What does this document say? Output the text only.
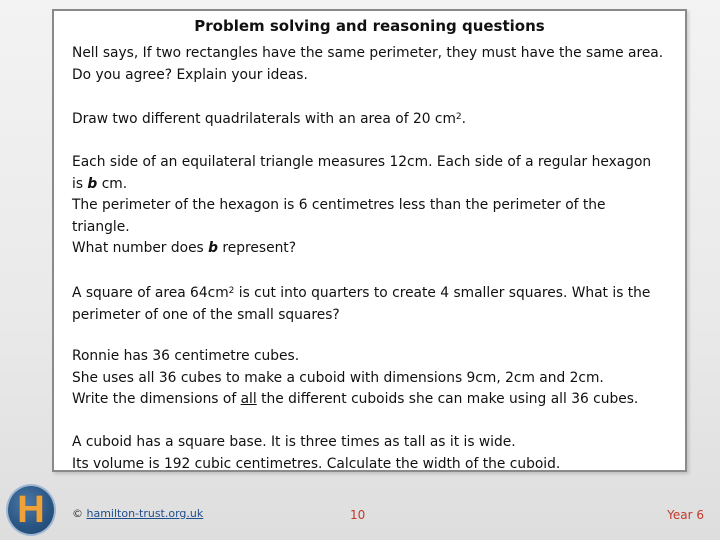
Problem solving and reasoning questions

Nell says, If two rectangles have the same perimeter, they must have the same area.

Do you agree? Explain your ideas.

Draw two different quadrilaterals with an area of 20 $cm^2$.

Each side of an equilateral triangle measures 12cm. Each side of a regular hexagon

is b cm.

The perimeter of the hexagon is 6 centimetres less than the perimeter of the

triangle.

What number does b represent?

A square of area $64cm^2$ is cut into quarters to create 4 smaller squares. What is the

perimeter of one of the small squares?

Ronnie has 36 centimetre cubes.

She uses all 36 cubes to make a cuboid with dimensions 9cm, 2cm and 2cm.

Write the dimensions of all the different cuboids she can make using all 36 cubes.

A cuboid has a square base. It is three times as tall as it is wide.

Its volume is 192 cubic centimetres. Calculate the width of the cuboid.

H	© hamilton-trust.org.uk	10	Year 6
